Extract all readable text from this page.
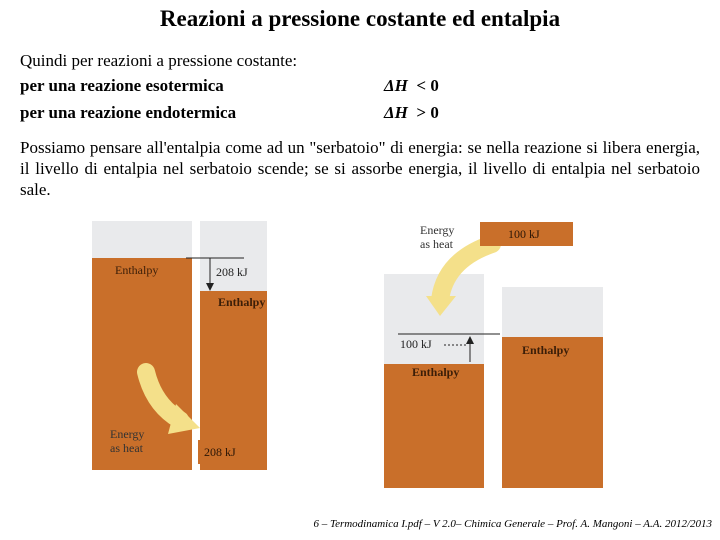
Reazioni a pressione costante ed entalpia
Quindi per reazioni a pressione costante:
per una reazione esotermica	ΔH < 0
per una reazione endotermica	ΔH > 0
Possiamo pensare all'entalpia come ad un "serbatoio" di energia: se nella reazione si libera energia, il livello di entalpia nel serbatoio scende; se si assorbe energia, il livello di entalpia nel serbatoio sale.
208 kJ
Enthalpy
Enthalpy
Energy
as heat	208 kJ
Energy
as heat
100 kJ
100 kJ
Enthalpy
Enthalpy
6 – Termodinamica I.pdf – V 2.0– Chimica Generale – Prof. A. Mangoni – A.A. 2012/2013
